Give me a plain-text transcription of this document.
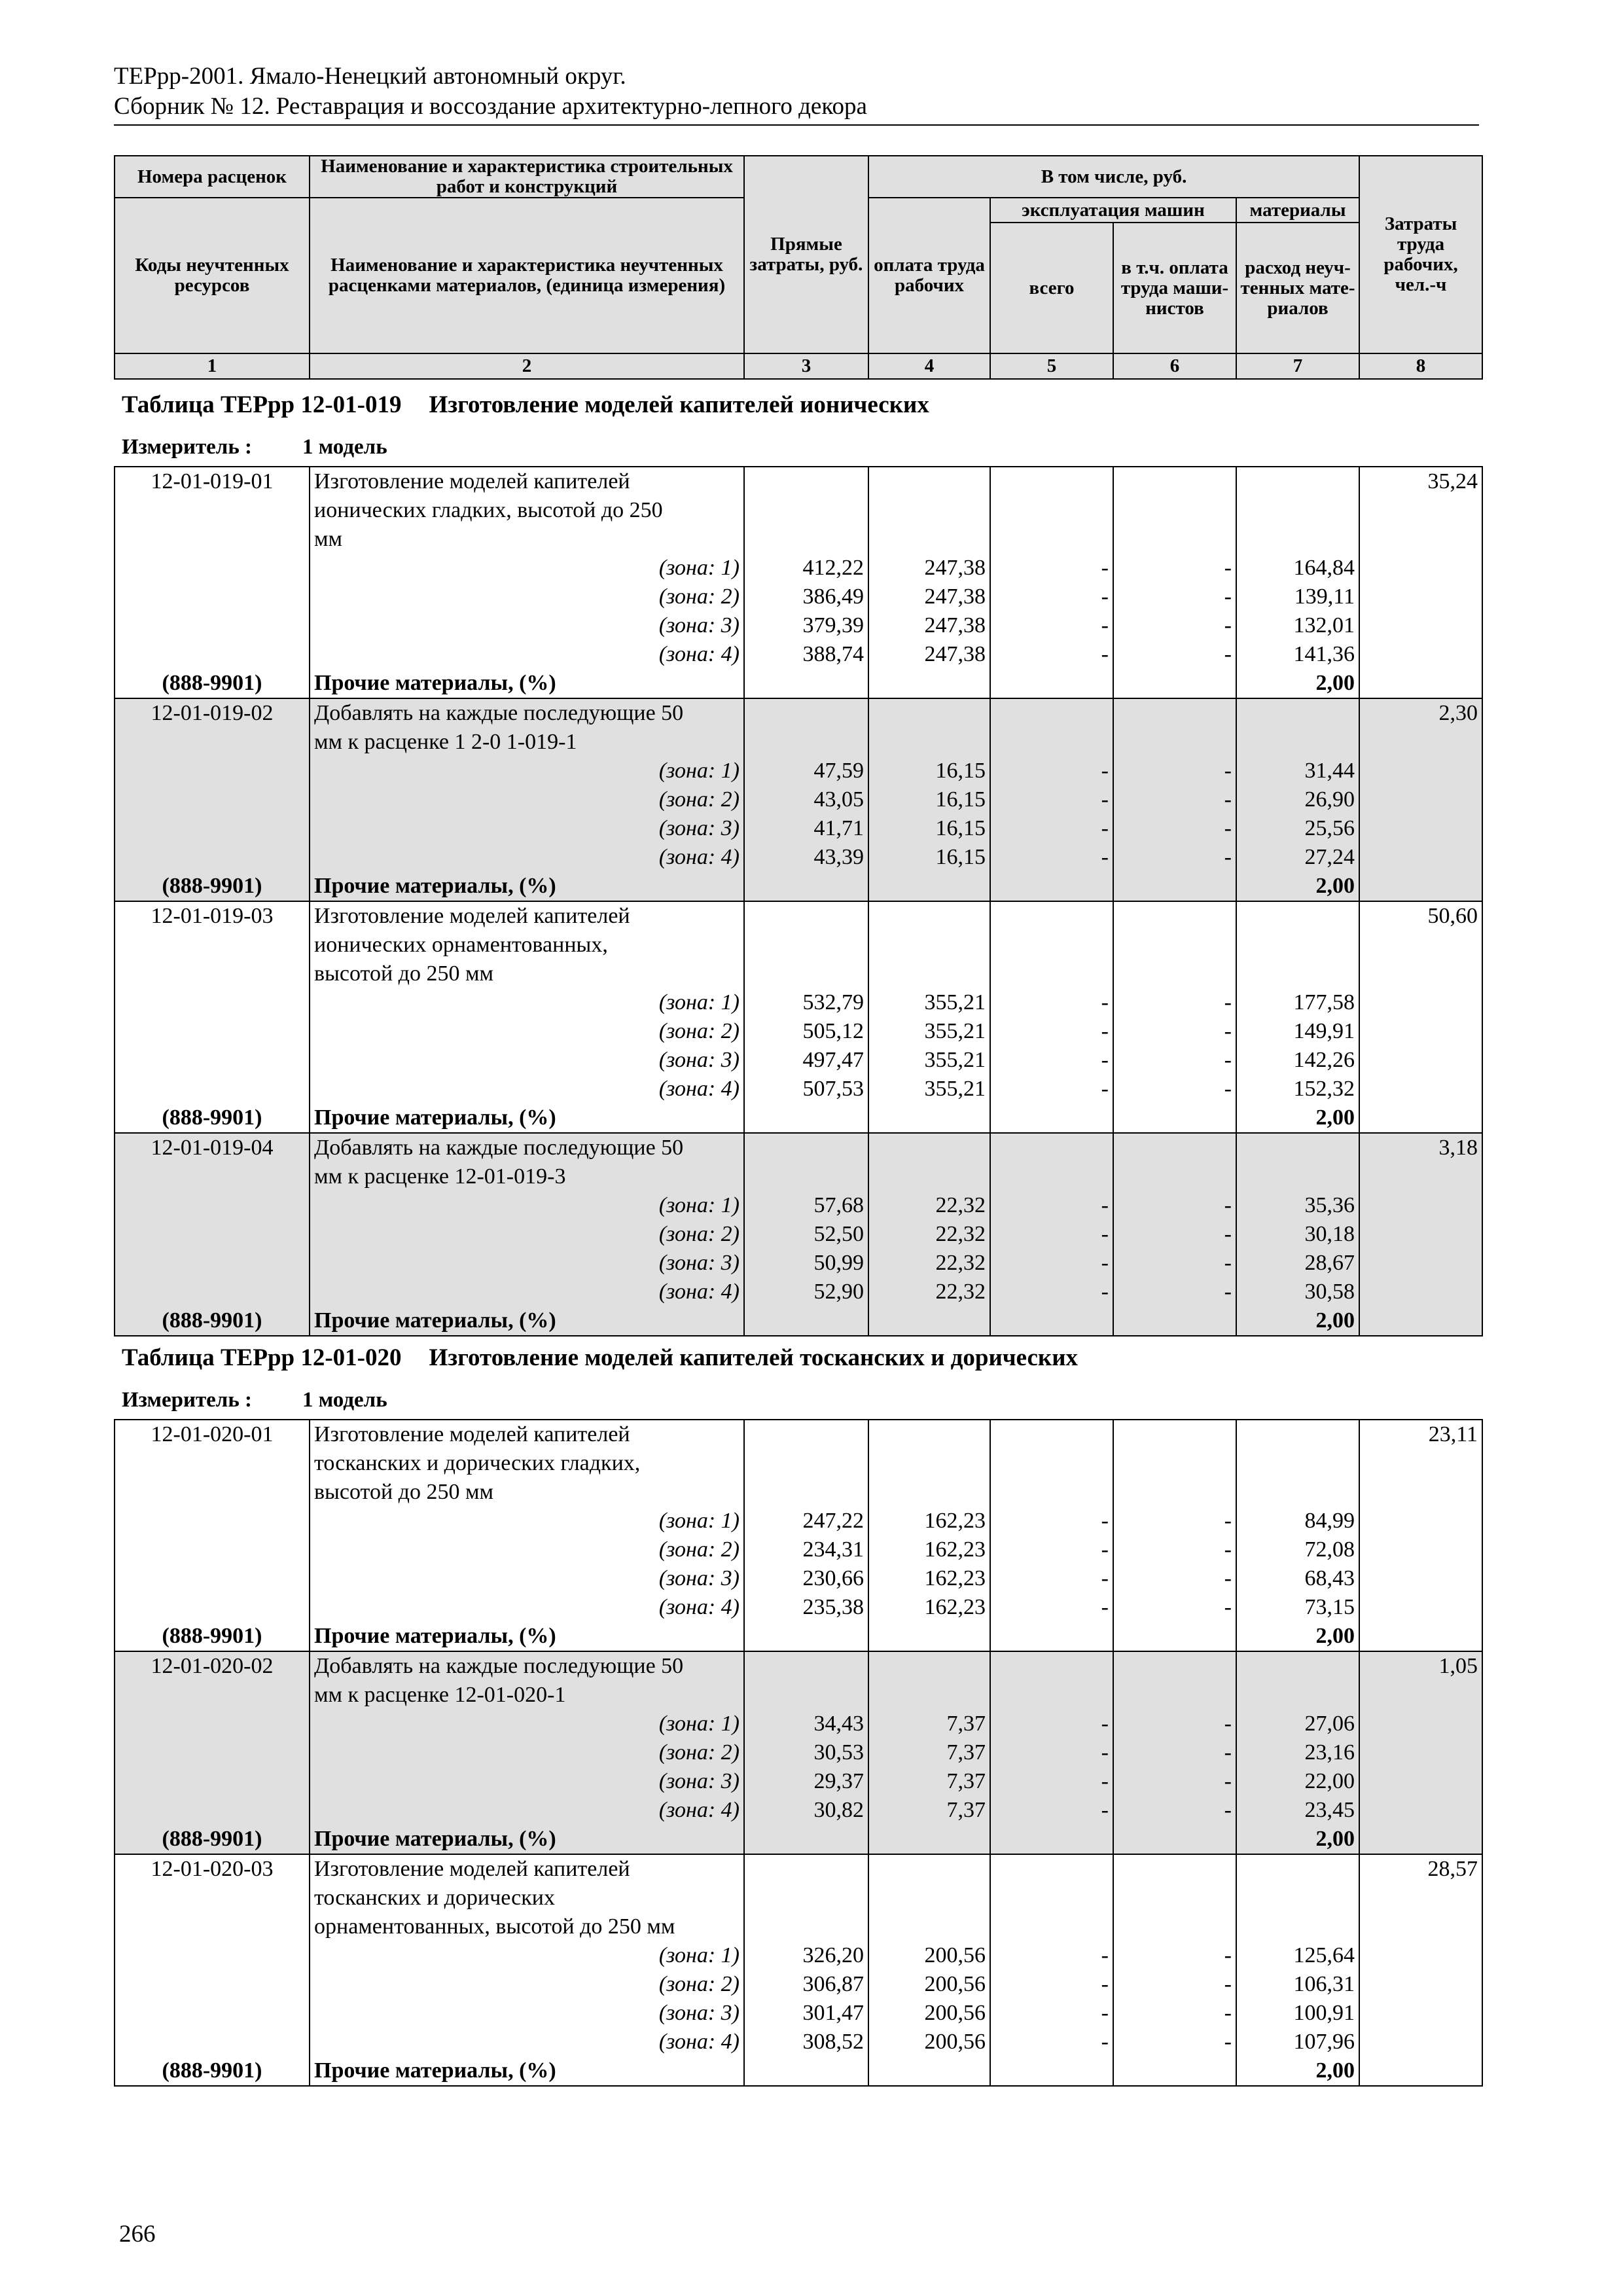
ТЕРрр-2001. Ямало-Ненецкий автономный округ.
Сборник № 12. Реставрация и воссоздание архитектурно-лепного декора
Номера расценок	Наименование и характеристика строительных работ и конструкций	Прямые затраты, руб.	В том числе, руб.				Затраты труда рабочих, чел.-ч
Коды неучтенных ресурсов	Наименование и характеристика неучтенных расценками материалов, (единица измерения)		оплата труда рабочих	эксплуатация машин		материалы	
				всего	в т.ч. оплата труда маши-нистов	расход неуч-тенных мате-риалов	
1	2	3	4	5	6	7	8
Таблица ТЕРрр 12-01-019 Изготовление моделей капителей ионических
Измеритель : 1 модель
12-01-019-01	Изготовление моделей капителей						35,24
	ионических гладких, высотой до 250						
	мм						
	(зона: 1)	412,22	247,38	-	-	164,84	
	(зона: 2)	386,49	247,38	-	-	139,11	
	(зона: 3)	379,39	247,38	-	-	132,01	
	(зона: 4)	388,74	247,38	-	-	141,36	
(888-9901)	Прочие материалы, (%)					2,00	
12-01-019-02	Добавлять на каждые последующие 50						2,30
	мм к расценке 1 2-0 1-019-1						
	(зона: 1)	47,59	16,15	-	-	31,44	
	(зона: 2)	43,05	16,15	-	-	26,90	
	(зона: 3)	41,71	16,15	-	-	25,56	
	(зона: 4)	43,39	16,15	-	-	27,24	
(888-9901)	Прочие материалы, (%)					2,00	
12-01-019-03	Изготовление моделей капителей						50,60
	ионических орнаментованных,						
	высотой до 250 мм						
	(зона: 1)	532,79	355,21	-	-	177,58	
	(зона: 2)	505,12	355,21	-	-	149,91	
	(зона: 3)	497,47	355,21	-	-	142,26	
	(зона: 4)	507,53	355,21	-	-	152,32	
(888-9901)	Прочие материалы, (%)					2,00	
12-01-019-04	Добавлять на каждые последующие 50						3,18
	мм к расценке 12-01-019-3						
	(зона: 1)	57,68	22,32	-	-	35,36	
	(зона: 2)	52,50	22,32	-	-	30,18	
	(зона: 3)	50,99	22,32	-	-	28,67	
	(зона: 4)	52,90	22,32	-	-	30,58	
(888-9901)	Прочие материалы, (%)					2,00	
Таблица ТЕРрр 12-01-020 Изготовление моделей капителей тосканских и дорических
Измеритель : 1 модель
12-01-020-01	Изготовление моделей капителей						23,11
	тосканских и дорических гладких,						
	высотой до 250 мм						
	(зона: 1)	247,22	162,23	-	-	84,99	
	(зона: 2)	234,31	162,23	-	-	72,08	
	(зона: 3)	230,66	162,23	-	-	68,43	
	(зона: 4)	235,38	162,23	-	-	73,15	
(888-9901)	Прочие материалы, (%)					2,00	
12-01-020-02	Добавлять на каждые последующие 50						1,05
	мм к расценке 12-01-020-1						
	(зона: 1)	34,43	7,37	-	-	27,06	
	(зона: 2)	30,53	7,37	-	-	23,16	
	(зона: 3)	29,37	7,37	-	-	22,00	
	(зона: 4)	30,82	7,37	-	-	23,45	
(888-9901)	Прочие материалы, (%)					2,00	
12-01-020-03	Изготовление моделей капителей						28,57
	тосканских и дорических						
	орнаментованных, высотой до 250 мм						
	(зона: 1)	326,20	200,56	-	-	125,64	
	(зона: 2)	306,87	200,56	-	-	106,31	
	(зона: 3)	301,47	200,56	-	-	100,91	
	(зона: 4)	308,52	200,56	-	-	107,96	
(888-9901)	Прочие материалы, (%)					2,00	
266
